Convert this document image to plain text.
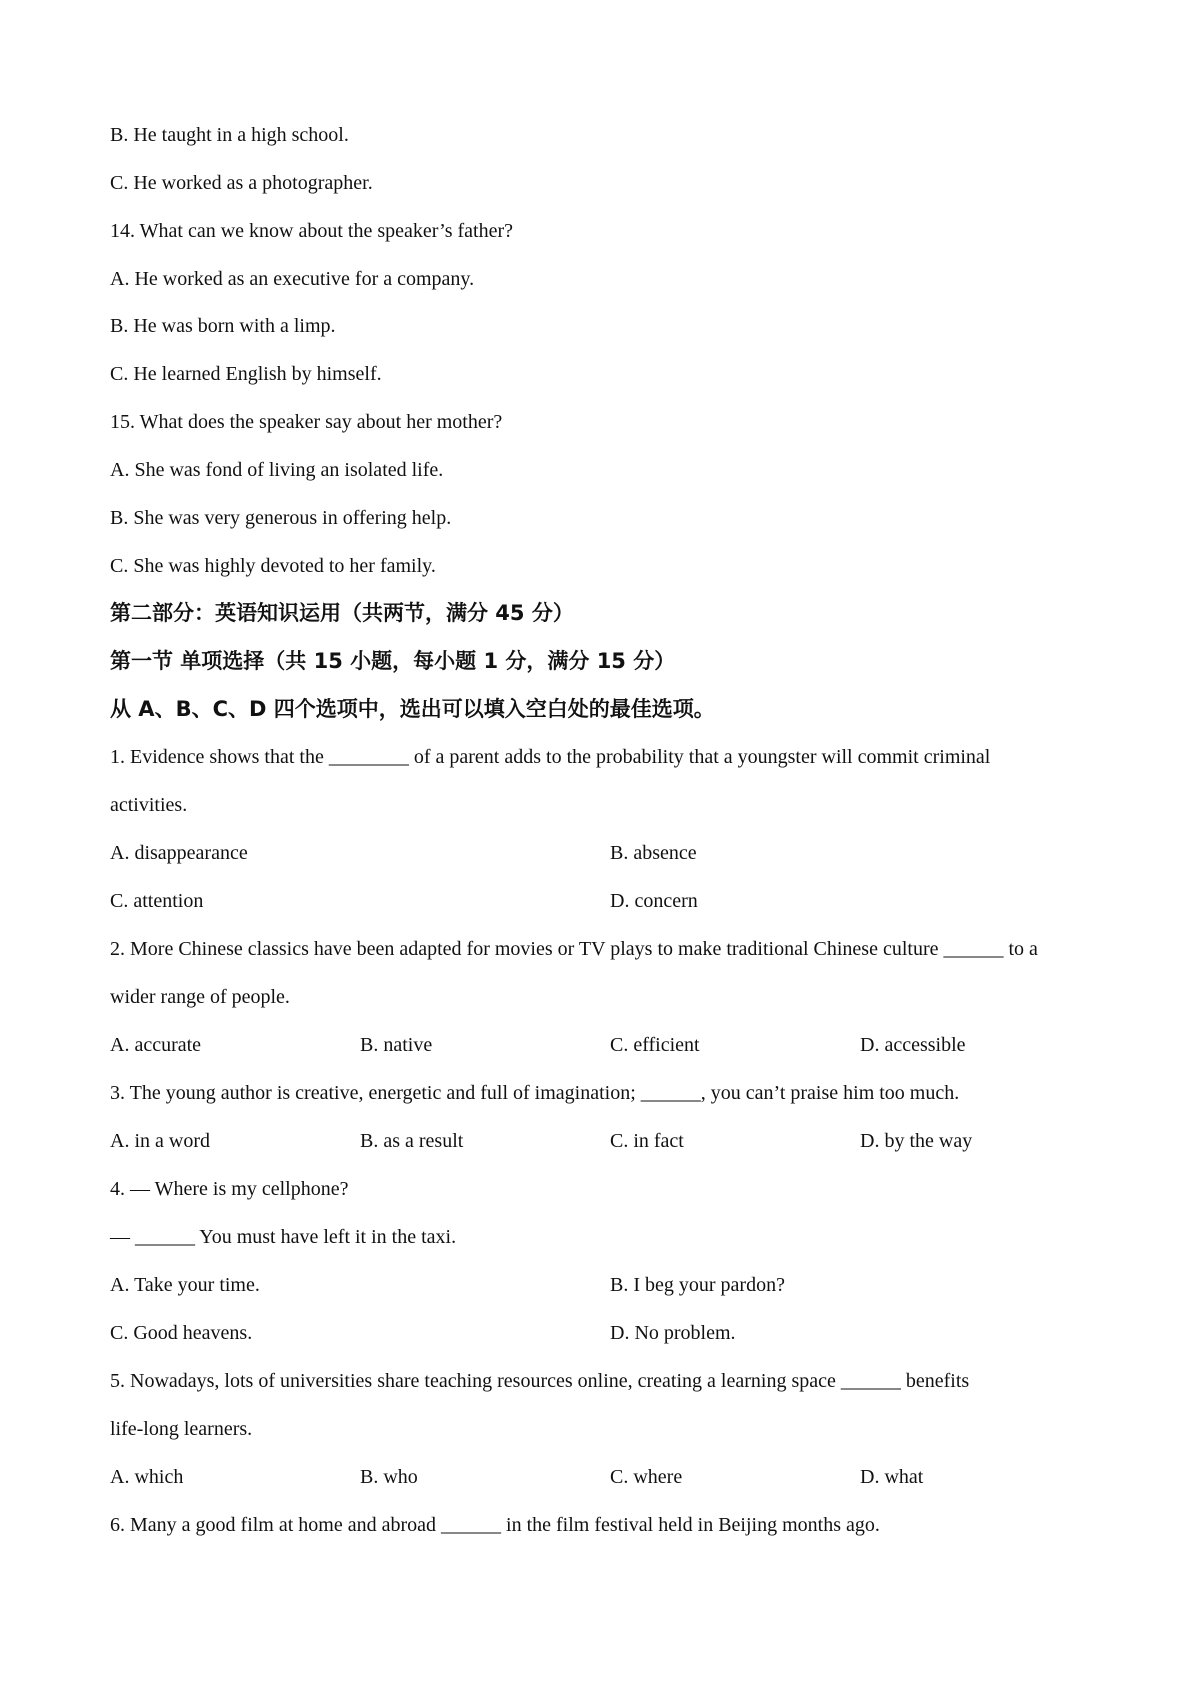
B. He taught in a high school.
C. He worked as a photographer.
14. What can we know about the speaker’s father?
A. He worked as an executive for a company.
B. He was born with a limp.
C. He learned English by himself.
15. What does the speaker say about her mother?
A. She was fond of living an isolated life.
B. She was very generous in offering help.
C. She was highly devoted to her family.
第二部分：英语知识运用（共两节，满分 45 分）
第一节 单项选择（共 15 小题，每小题 1 分，满分 15 分）
从 A、B、C、D 四个选项中，选出可以填入空白处的最佳选项。
1. Evidence shows that the ________ of a parent adds to the probability that a youngster will commit criminal
activities.
A. disappearance	B. absence
C. attention	D. concern
2. More Chinese classics have been adapted for movies or TV plays to make traditional Chinese culture ______ to a
wider range of people.
A. accurate	B. native	C. efficient	D. accessible
3. The young author is creative, energetic and full of imagination; ______, you can’t praise him too much.
A. in a word	B. as a result	C. in fact	D. by the way
4. — Where is my cellphone?
— ______ You must have left it in the taxi.
A. Take your time.	B. I beg your pardon?
C. Good heavens.	D. No problem.
5. Nowadays, lots of universities share teaching resources online, creating a learning space ______ benefits
life-long learners.
A. which	B. who	C. where	D. what
6. Many a good film at home and abroad ______ in the film festival held in Beijing months ago.
